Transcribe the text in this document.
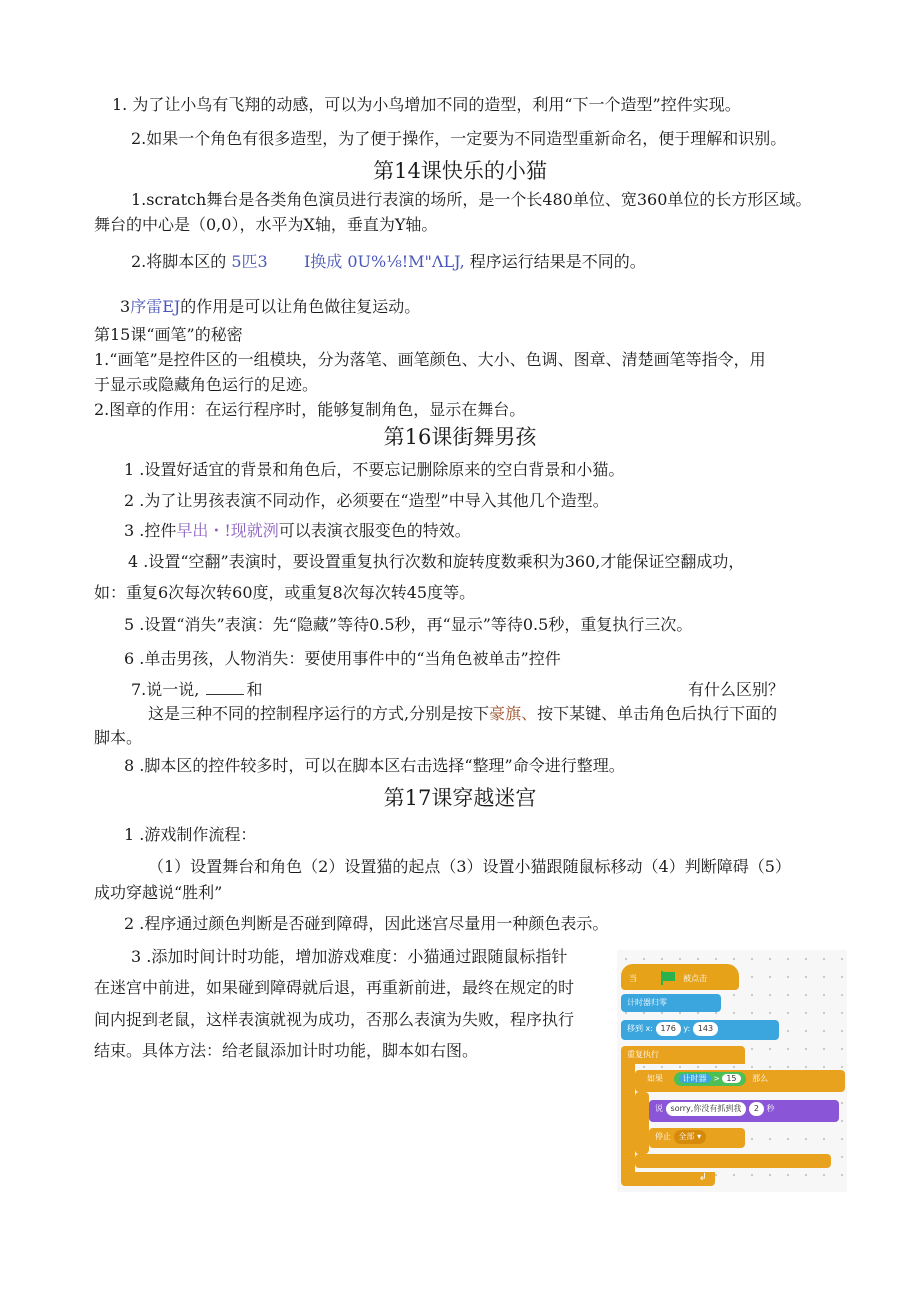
1. 为了让小鸟有飞翔的动感，可以为小鸟增加不同的造型，利用“下一个造型”控件实现。
2.如果一个角色有很多造型，为了便于操作，一定要为不同造型重新命名，便于理解和识别。
第14课快乐的小猫
1.scratch舞台是各类角色演员进行表演的场所，是一个长480单位、宽360单位的长方形区域。
舞台的中心是（0,0），水平为X轴，垂直为Y轴。
2.将脚本区的 5匹3 I换成 0U%⅛!M"ΛLJ, 程序运行结果是不同的。
3序雷EJ的作用是可以让角色做往复运动。
第15课“画笔”的秘密
1.“画笔”是控件区的一组模块，分为落笔、画笔颜色、大小、色调、图章、清楚画笔等指令，用
于显示或隐藏角色运行的足迹。
2.图章的作用：在运行程序时，能够复制角色，显示在舞台。
第16课街舞男孩
1 .设置好适宜的背景和角色后，不要忘记删除原来的空白背景和小猫。
2 .为了让男孩表演不同动作，必须要在“造型”中导入其他几个造型。
3 .控件早出・!现就洌可以表演衣服变色的特效。
4 .设置“空翻”表演时，要设置重复执行次数和旋转度数乘积为360,才能保证空翻成功，
如：重复6次每次转60度，或重复8次每次转45度等。
5 .设置“消失”表演：先“隐藏”等待0.5秒，再“显示”等待0.5秒，重复执行三次。
6 .单击男孩，人物消失：要使用事件中的“当角色被单击”控件
7.说一说,	和	有什么区别？
这是三种不同的控制程序运行的方式,分别是按下豪旗、按下某键、单击角色后执行下面的
脚本。
8 .脚本区的控件较多时，可以在脚本区右击选择“整理”命令进行整理。
第17课穿越迷宫
1 .游戏制作流程：
（1）设置舞台和角色（2）设置猫的起点（3）设置小猫跟随鼠标移动（4）判断障碍（5）
成功穿越说“胜利”
2 .程序通过颜色判断是否碰到障碍，因此迷宫尽量用一种颜色表示。
3 .添加时间计时功能，增加游戏难度：小猫通过跟随鼠标指针
在迷宫中前进，如果碰到障碍就后退，再重新前进，最终在规定的时
间内捉到老鼠，这样表演就视为成功，否那么表演为失败，程序执行
结束。具体方法：给老鼠添加计时功能，脚本如右图。
当	被点击
计时器归零
移到 x: 176 y: 143
重复执行
如果 计时器 > 15 那么
说 sorry,你没有抓到我 2 秒
停止 全部 ▾
↲
